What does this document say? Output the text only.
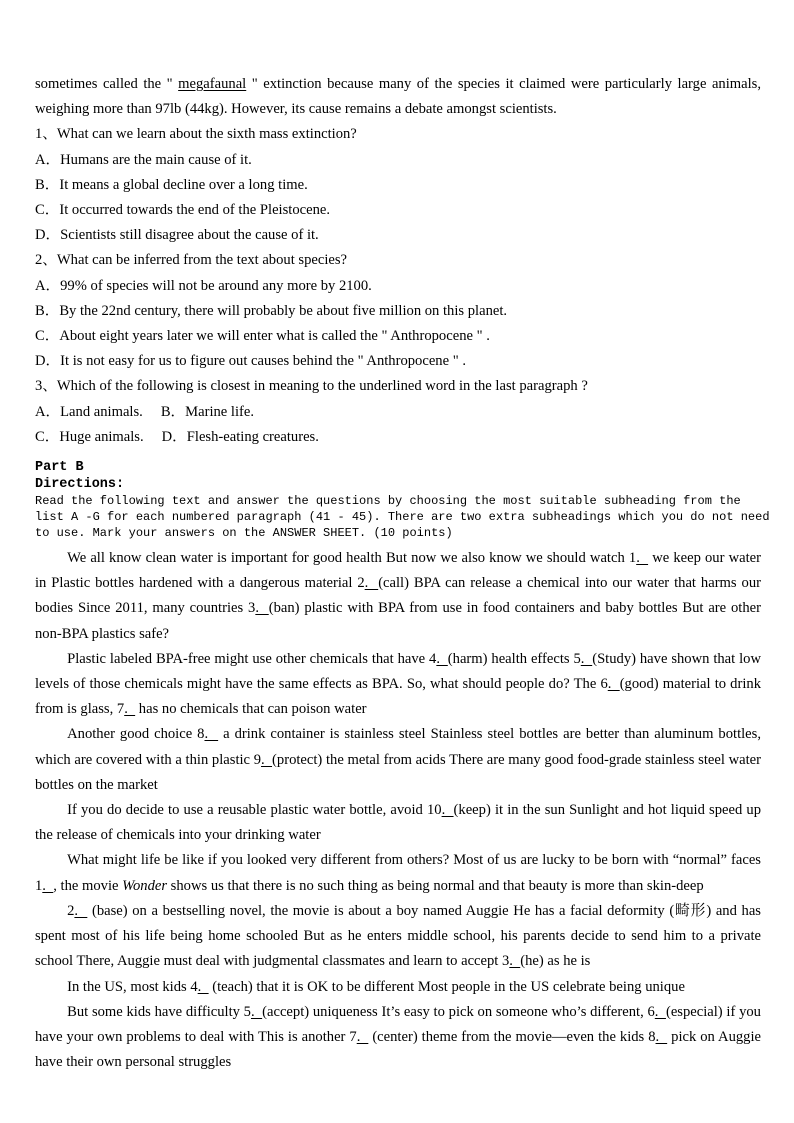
sometimes called the " megafaunal " extinction because many of the species it claimed were particularly large animals, weighing more than 97lb (44kg). However, its cause remains a debate amongst scientists.

1、What can we learn about the sixth mass extinction?
A．Humans are the main cause of it.
B．It means a global decline over a long time.
C．It occurred towards the end of the Pleistocene.
D．Scientists still disagree about the cause of it.
2、What can be inferred from the text about species?
A．99% of species will not be around any more by 2100.
B．By the 22nd century, there will probably be about five million on this planet.
C．About eight years later we will enter what is called the " Anthropocene " .
D．It is not easy for us to figure out causes behind the " Anthropocene " .
3、Which of the following is closest in meaning to the underlined word in the last paragraph ?
A．Land animals. B．Marine life.
C．Huge animals. D．Flesh-eating creatures.
Part B
Directions:
Read the following text and answer the questions by choosing the most suitable subheading from the
list A -G for each numbered paragraph (41 - 45). There are two extra subheadings which you do not need
to use. Mark your answers on the ANSWER SHEET. (10 points)

We all know clean water is important for good health But now we also know we should watch 1.   we keep our water in Plastic bottles hardened with a dangerous material 2.  (call) BPA can release a chemical into our water that harms our bodies Since 2011, many countries 3.  (ban) plastic with BPA from use in food containers and baby bottles But are other non-BPA plastics safe?

Plastic labeled BPA-free might use other chemicals that have 4.  (harm) health effects 5.  (Study) have shown that low levels of those chemicals might have the same effects as BPA. So, what should people do? The 6.  (good) material to drink from is glass, 7.   has no chemicals that can poison water

Another good choice 8.   a drink container is stainless steel Stainless steel bottles are better than aluminum bottles, which are covered with a thin plastic 9.  (protect) the metal from acids There are many good food-grade stainless steel water bottles on the market

If you do decide to use a reusable plastic water bottle, avoid 10.  (keep) it in the sun Sunlight and hot liquid speed up the release of chemicals into your drinking water

What might life be like if you looked very different from others? Most of us are lucky to be born with “normal” faces 1.  , the movie Wonder shows us that there is no such thing as being normal and that beauty is more than skin-deep

2.   (base) on a bestselling novel, the movie is about a boy named Auggie He has a facial deformity (畸形) and has spent most of his life being home schooled But as he enters middle school, his parents decide to send him to a private school There, Auggie must deal with judgmental classmates and learn to accept 3.  (he) as he is

In the US, most kids 4.   (teach) that it is OK to be different Most people in the US celebrate being unique

But some kids have difficulty 5.  (accept) uniqueness It’s easy to pick on someone who’s different, 6.  (especial) if you have your own problems to deal with This is another 7.   (center) theme from the movie—even the kids 8.   pick on Auggie have their own personal struggles
